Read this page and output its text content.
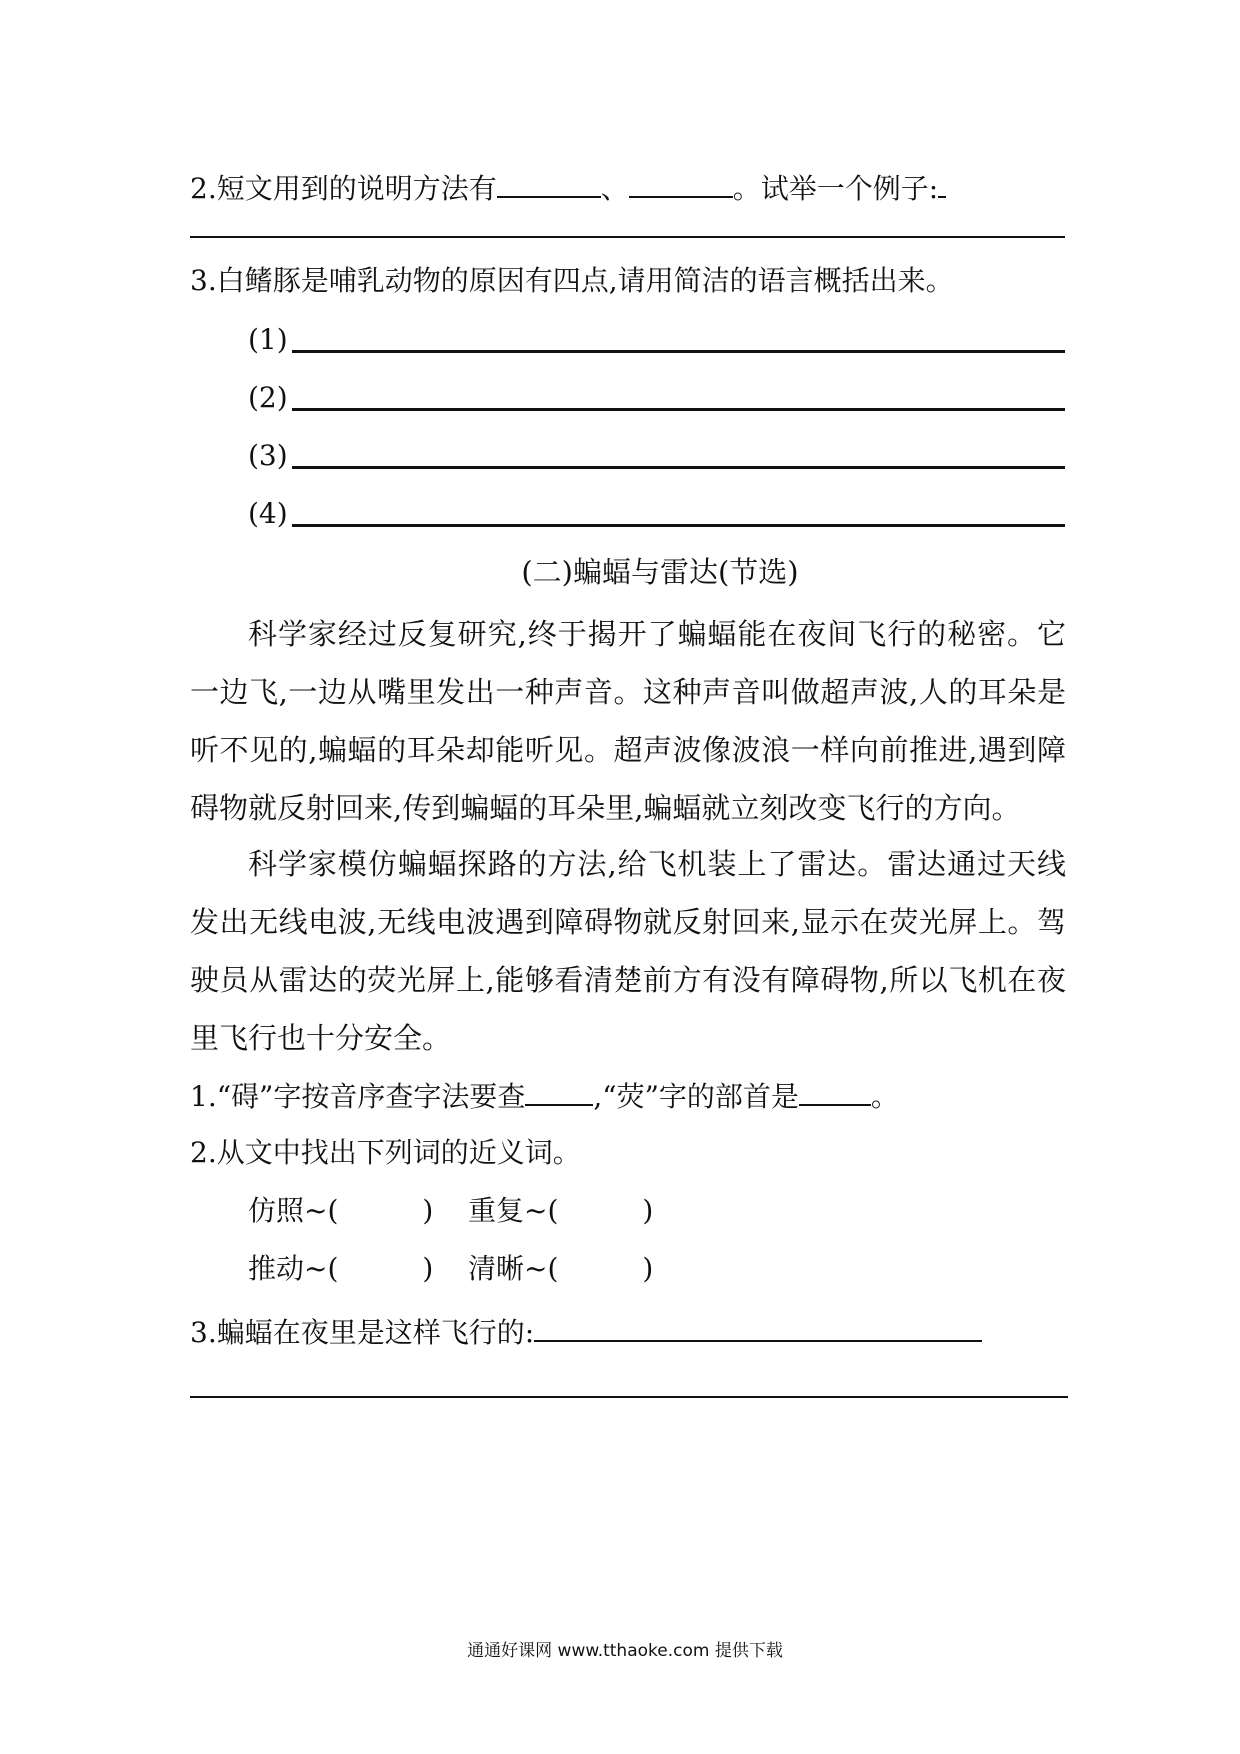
2.短文用到的说明方法有	、	。试举一个例子:
3.白鳍豚是哺乳动物的原因有四点,请用简洁的语言概括出来。
(1)
(2)
(3)
(4)
(二)蝙蝠与雷达(节选)

科学家经过反复研究,终于揭开了蝙蝠能在夜间飞行的秘密。它一边飞,一边从嘴里发出一种声音。这种声音叫做超声波,人的耳朵是听不见的,蝙蝠的耳朵却能听见。超声波像波浪一样向前推进,遇到障碍物就反射回来,传到蝙蝠的耳朵里,蝙蝠就立刻改变飞行的方向。

科学家模仿蝙蝠探路的方法,给飞机装上了雷达。雷达通过天线发出无线电波,无线电波遇到障碍物就反射回来,显示在荧光屏上。驾驶员从雷达的荧光屏上,能够看清楚前方有没有障碍物,所以飞机在夜里飞行也十分安全。

1.“碍”字按音序查字法要查 ,“荧”字的部首是	。
2.从文中找出下列词的近义词。
仿照~(	) 重复~(	)
推动~(	) 清晰~(	)
3.蝙蝠在夜里是这样飞行的:
通通好课网 www.tthaoke.com 提供下载
